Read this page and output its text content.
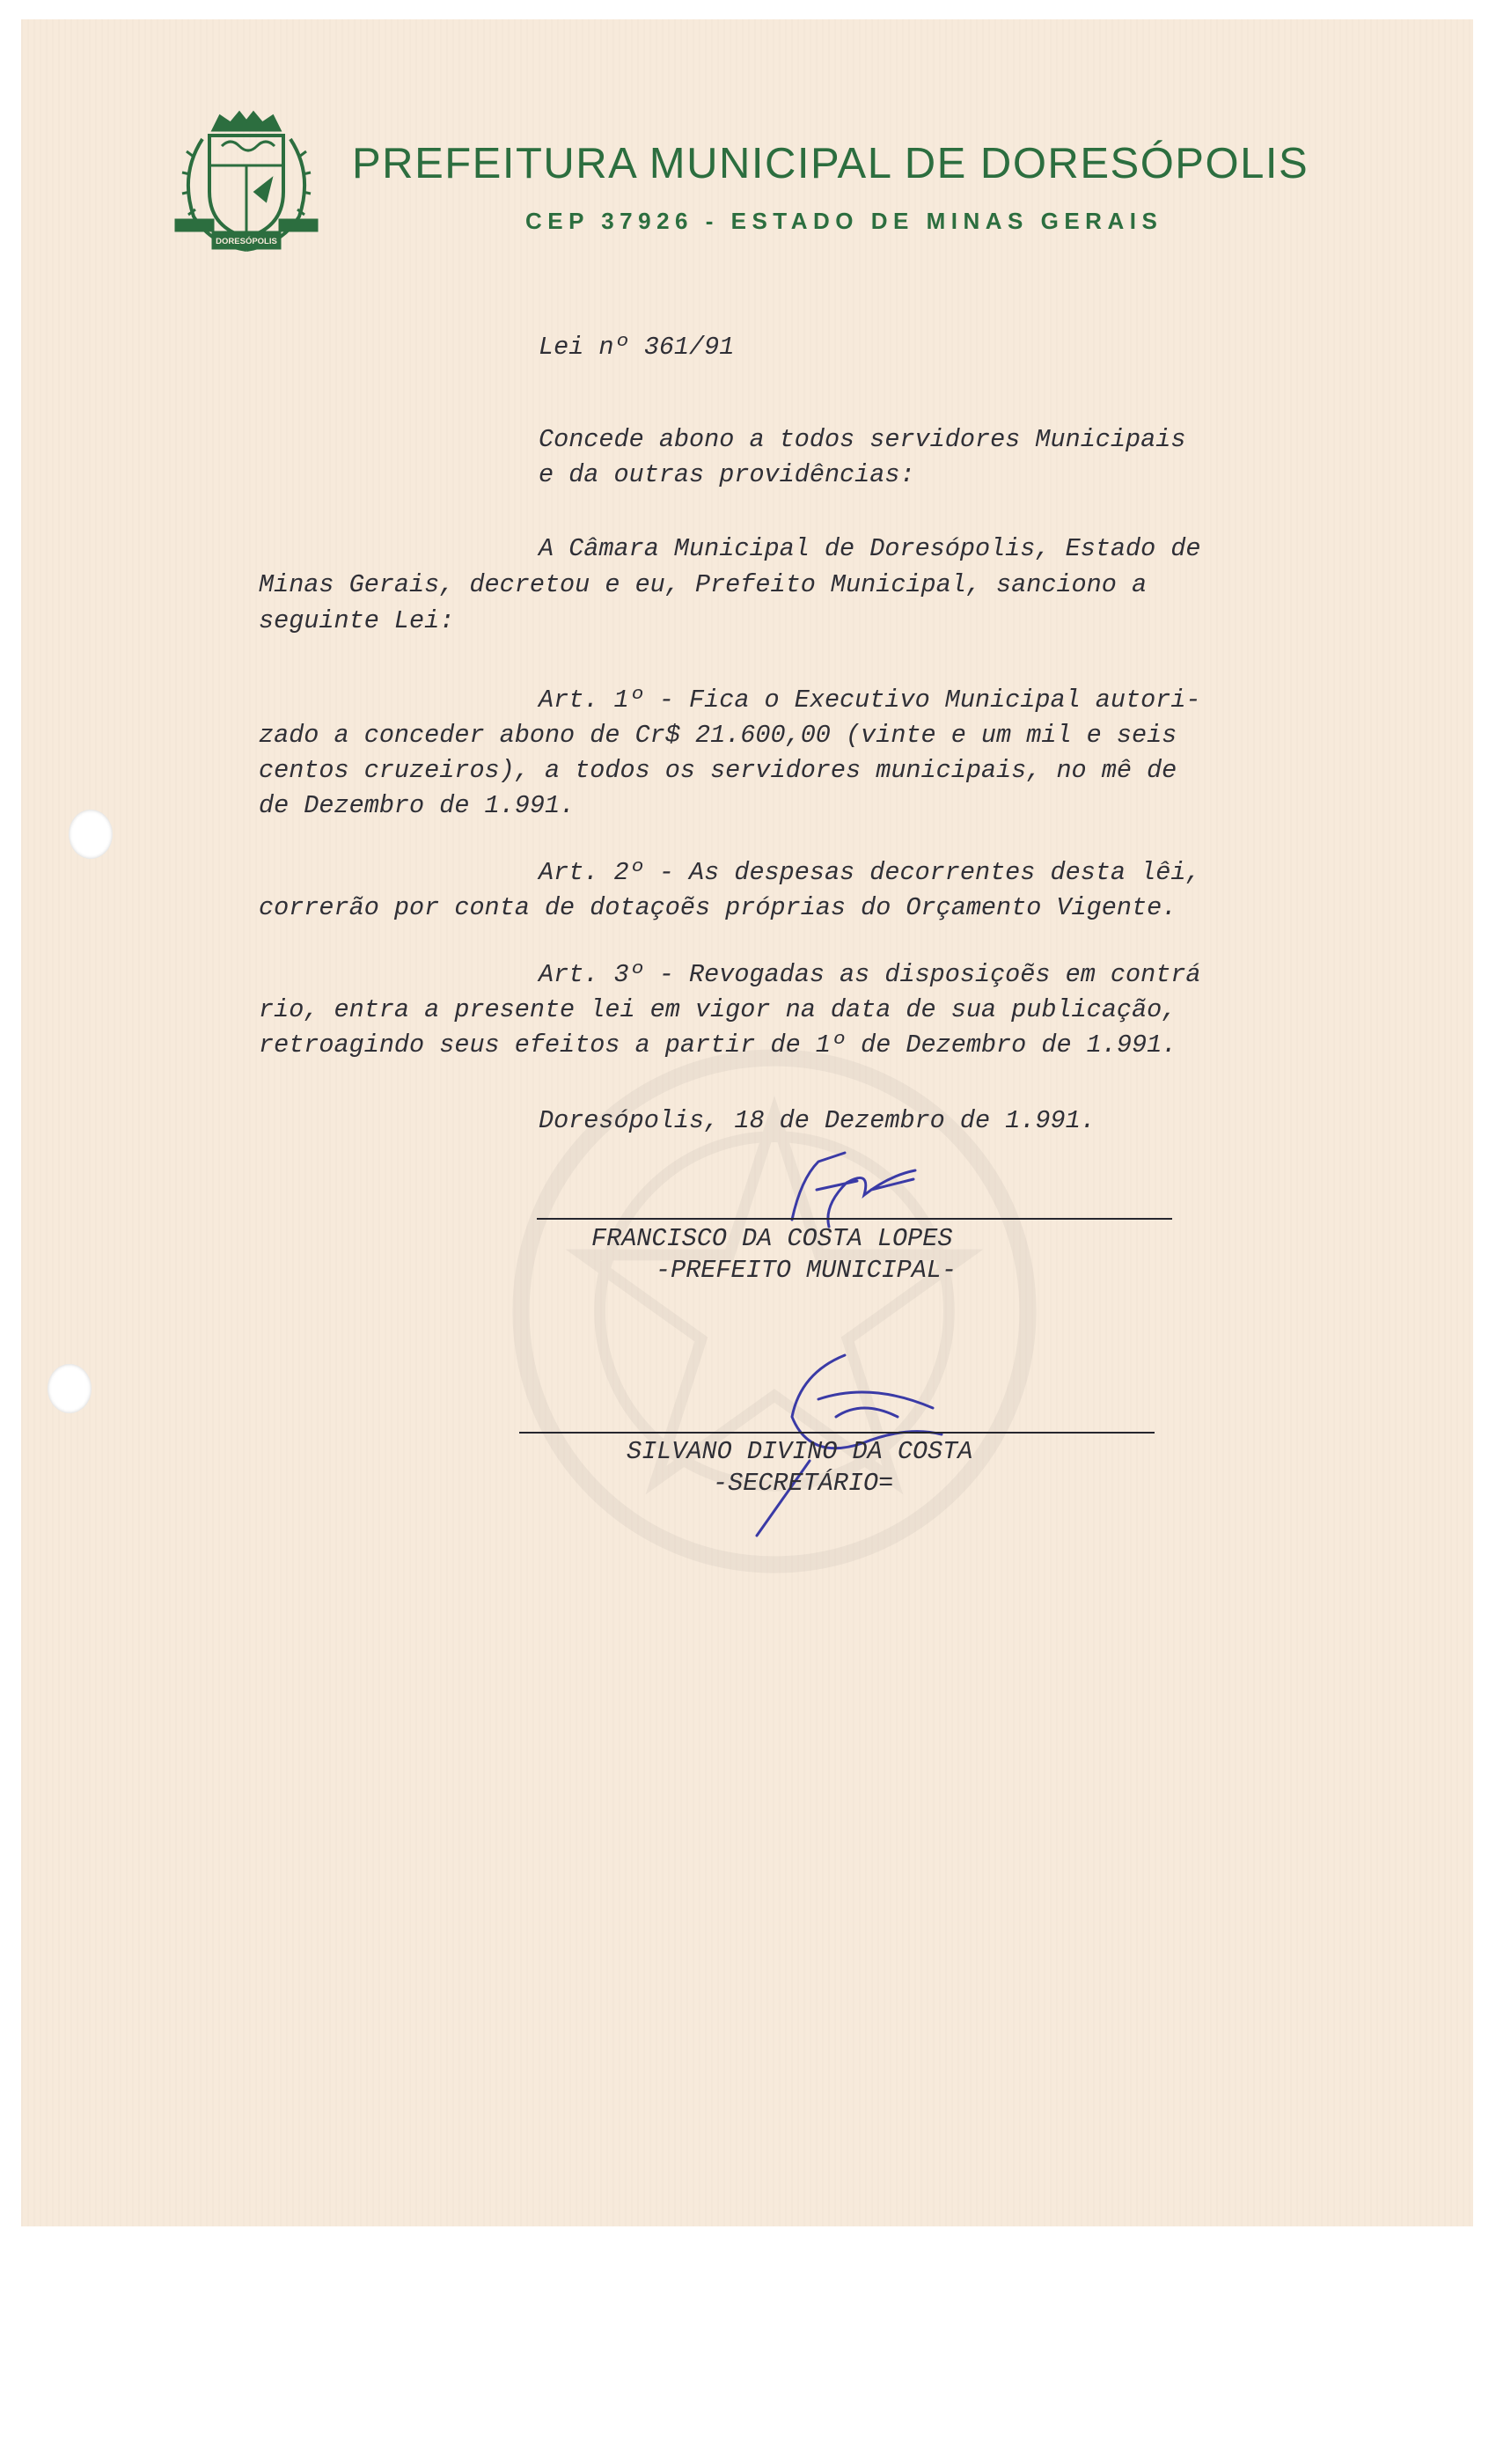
DORESÓPOLIS
PREFEITURA MUNICIPAL DE DORESÓPOLIS

CEP 37926 - ESTADO DE MINAS GERAIS

Lei nº 361/91

Concede abono a todos servidores Municipais

e da outras providências:

A Câmara Municipal de Doresópolis, Estado de

Minas Gerais, decretou e eu, Prefeito Municipal, sanciono a

seguinte Lei:

Art. 1º - Fica o Executivo Municipal autori-

zado a conceder abono de Cr$ 21.600,00 (vinte e um mil e seis

centos cruzeiros), a todos os servidores municipais, no mê de

de Dezembro de 1.991.

Art. 2º - As despesas decorrentes desta lêi,

correrão por conta de dotaçoẽs próprias do Orçamento Vigente.

Art. 3º - Revogadas as disposiçoẽs em contrá

rio, entra a presente lei em vigor na data de sua publicação,

retroagindo seus efeitos a partir de 1º de Dezembro de 1.991.

Doresópolis, 18 de Dezembro de 1.991.

FRANCISCO DA COSTA LOPES

-PREFEITO MUNICIPAL-

SILVANO DIVINO DA COSTA

-SECRETÁRIO=
